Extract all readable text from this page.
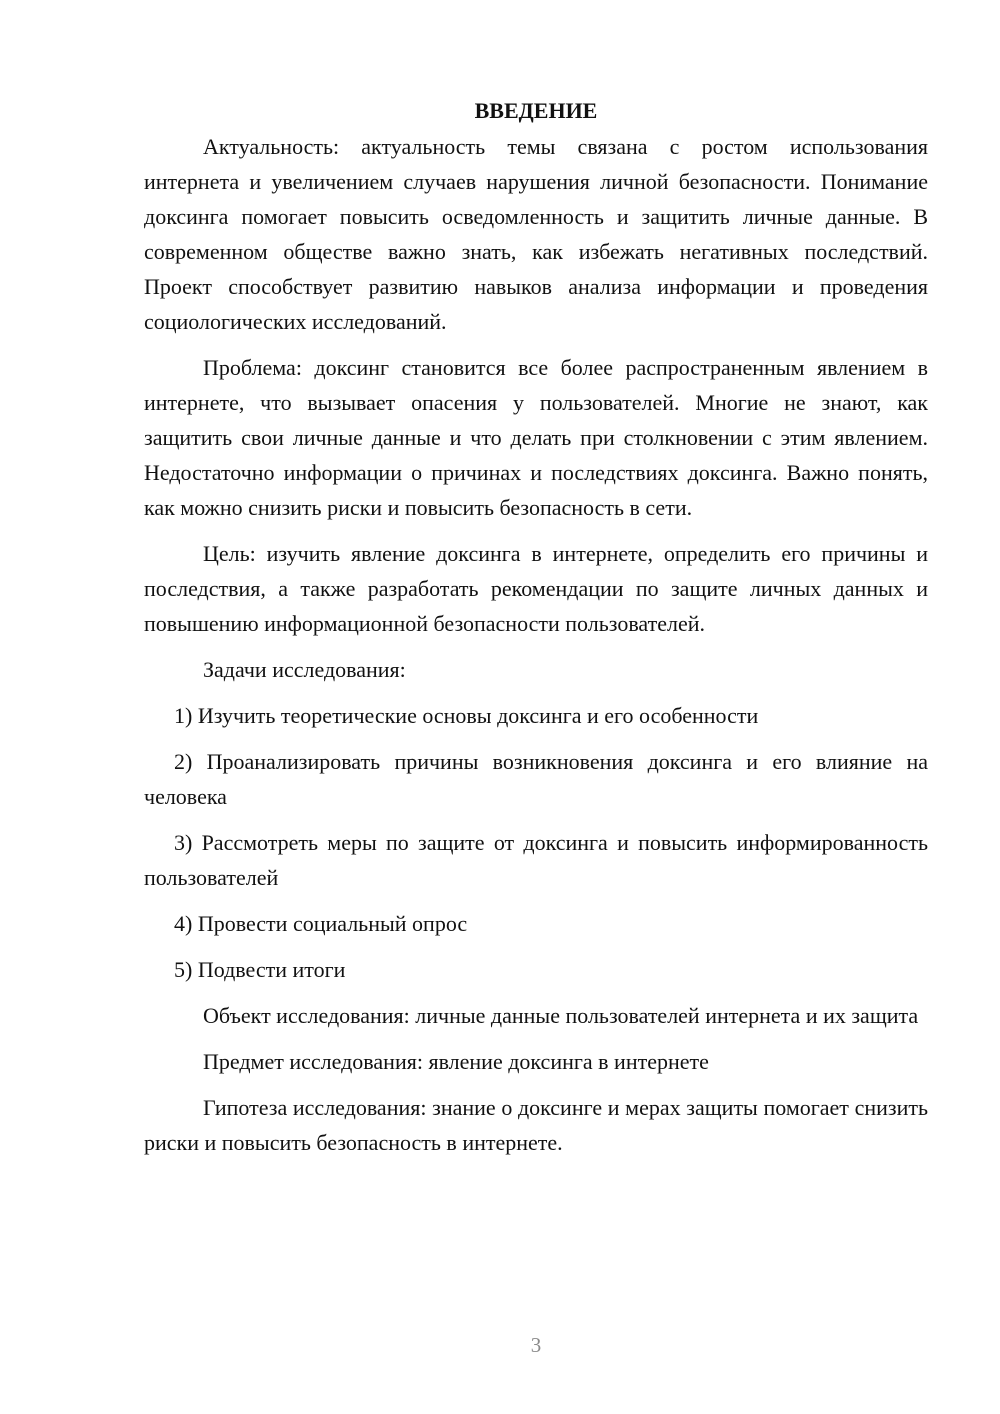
ВВЕДЕНИЕ

Актуальность: актуальность темы связана с ростом использования интернета и увеличением случаев нарушения личной безопасности. Понимание доксинга помогает повысить осведомленность и защитить личные данные. В современном обществе важно знать, как избежать негативных последствий. Проект способствует развитию навыков анализа информации и проведения социологических исследований.

Проблема: доксинг становится все более распространенным явлением в интернете, что вызывает опасения у пользователей. Многие не знают, как защитить свои личные данные и что делать при столкновении с этим явлением. Недостаточно информации о причинах и последствиях доксинга. Важно понять, как можно снизить риски и повысить безопасность в сети.

Цель: изучить явление доксинга в интернете, определить его причины и последствия, а также разработать рекомендации по защите личных данных и повышению информационной безопасности пользователей.

Задачи исследования:

1) Изучить теоретические основы доксинга и его особенности

2) Проанализировать причины возникновения доксинга и его влияние на человека

3) Рассмотреть меры по защите от доксинга и повысить информированность пользователей

4) Провести социальный опрос

5) Подвести итоги

Объект исследования: личные данные пользователей интернета и их защита

Предмет исследования: явление доксинга в интернете

Гипотеза исследования: знание о доксинге и мерах защиты помогает снизить риски и повысить безопасность в интернете.

3
